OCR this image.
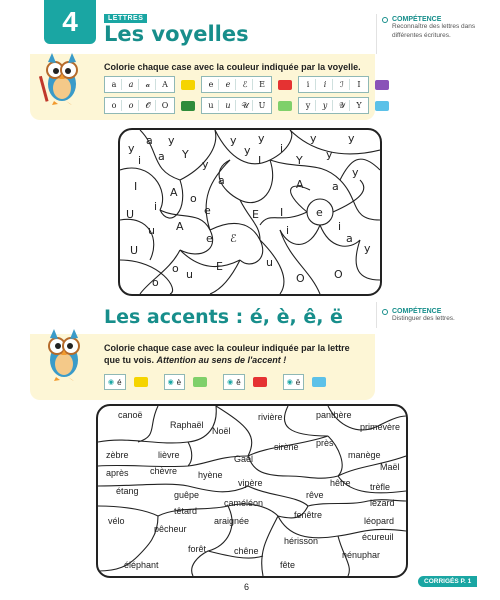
4	LETTRES
Les voyelles
COMPÉTENCE
Reconnaître des lettres dans différentes écritures.
Colorie chaque case avec la couleur indiquée par la voyelle.
a	a	𝒶	A	e	e	ℰ	E	i	i	ℐ	I
o	o	𝒪	O	u	u	𝒰	U	y	y	𝒴	Y
a y	y y	y	y
y
i a Y
y
y	i	y
I	Y
A
y
a	A	a
I
o
e
E I
U
i	e
u A
ℰ
i
a
e
i
y
U
o	E
u	O
o
u
O
Les accents : é, è, ê, ë	COMPÉTENCE
Distinguer des lettres.
Colorie chaque case avec la couleur indiquée par la lettre
que tu vois. Attention au sens de l'accent !
◉ é	◉ è	◉ ê	◉ ë
canoë
Raphaël
Noël
rivière	panthère
primevère
zèbre	lièvre
sirène près
manège
Gaël
après chèvre hyène
Maël
vipère	hêtre trèfle
étang	guêpe	rêve
caméléon	lézard
têtard	fenêtre
vélo	araignée	léopard
pêcheur
hérisson	écureuil
forêt	chêne	nénuphar
éléphant	fête
6
CORRIGÉS P. 1
